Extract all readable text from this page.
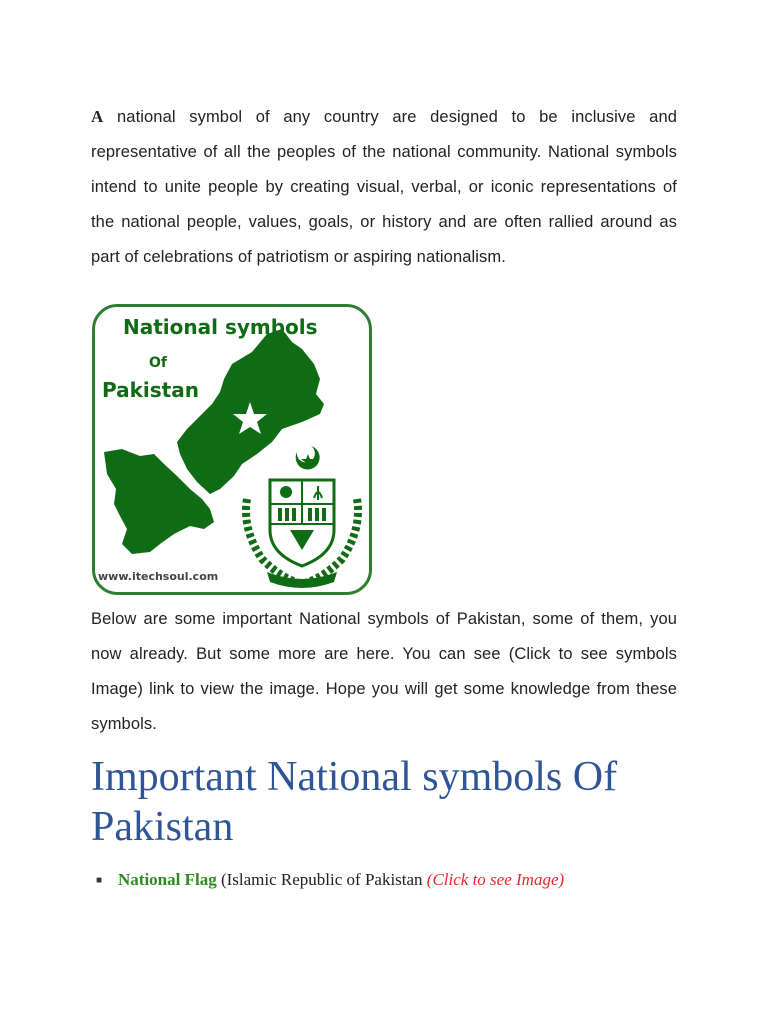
A national symbol of any country are designed to be inclusive and representative of all the peoples of the national community. National symbols intend to unite people by creating visual, verbal, or iconic representations of the national people, values, goals, or history and are often rallied around as part of celebrations of patriotism or aspiring nationalism.

National symbols
Of
Pakistan
www.itechsoul.com

Below are some important National symbols of Pakistan, some of them, you now already. But some more are here. You can see (Click to see symbols Image) link to view the image. Hope you will get some knowledge from these symbols.

Important National symbols Of Pakistan
■ National Flag (Islamic Republic of Pakistan (Click to see Image)
